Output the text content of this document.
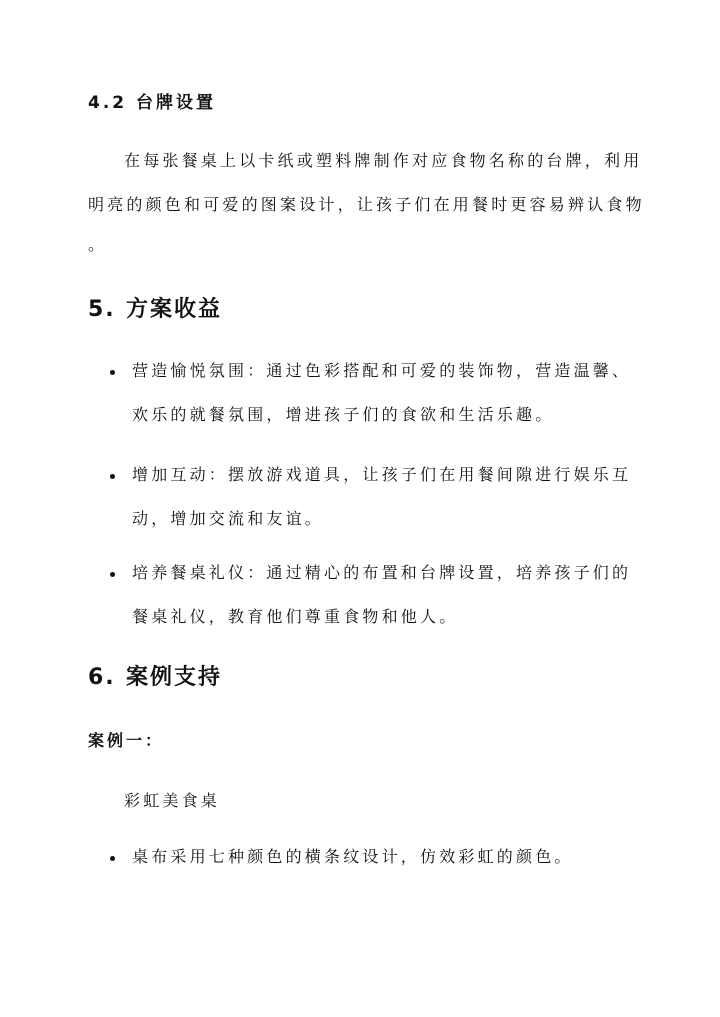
4.2 台牌设置
在每张餐桌上以卡纸或塑料牌制作对应食物名称的台牌，利用
明亮的颜色和可爱的图案设计，让孩子们在用餐时更容易辨认食物
。
5. 方案收益
营造愉悦氛围：通过色彩搭配和可爱的装饰物，营造温馨、
欢乐的就餐氛围，增进孩子们的食欲和生活乐趣。
增加互动：摆放游戏道具，让孩子们在用餐间隙进行娱乐互
动，增加交流和友谊。
培养餐桌礼仪：通过精心的布置和台牌设置，培养孩子们的
餐桌礼仪，教育他们尊重食物和他人。
6. 案例支持
案例一：
彩虹美食桌
桌布采用七种颜色的横条纹设计，仿效彩虹的颜色。
